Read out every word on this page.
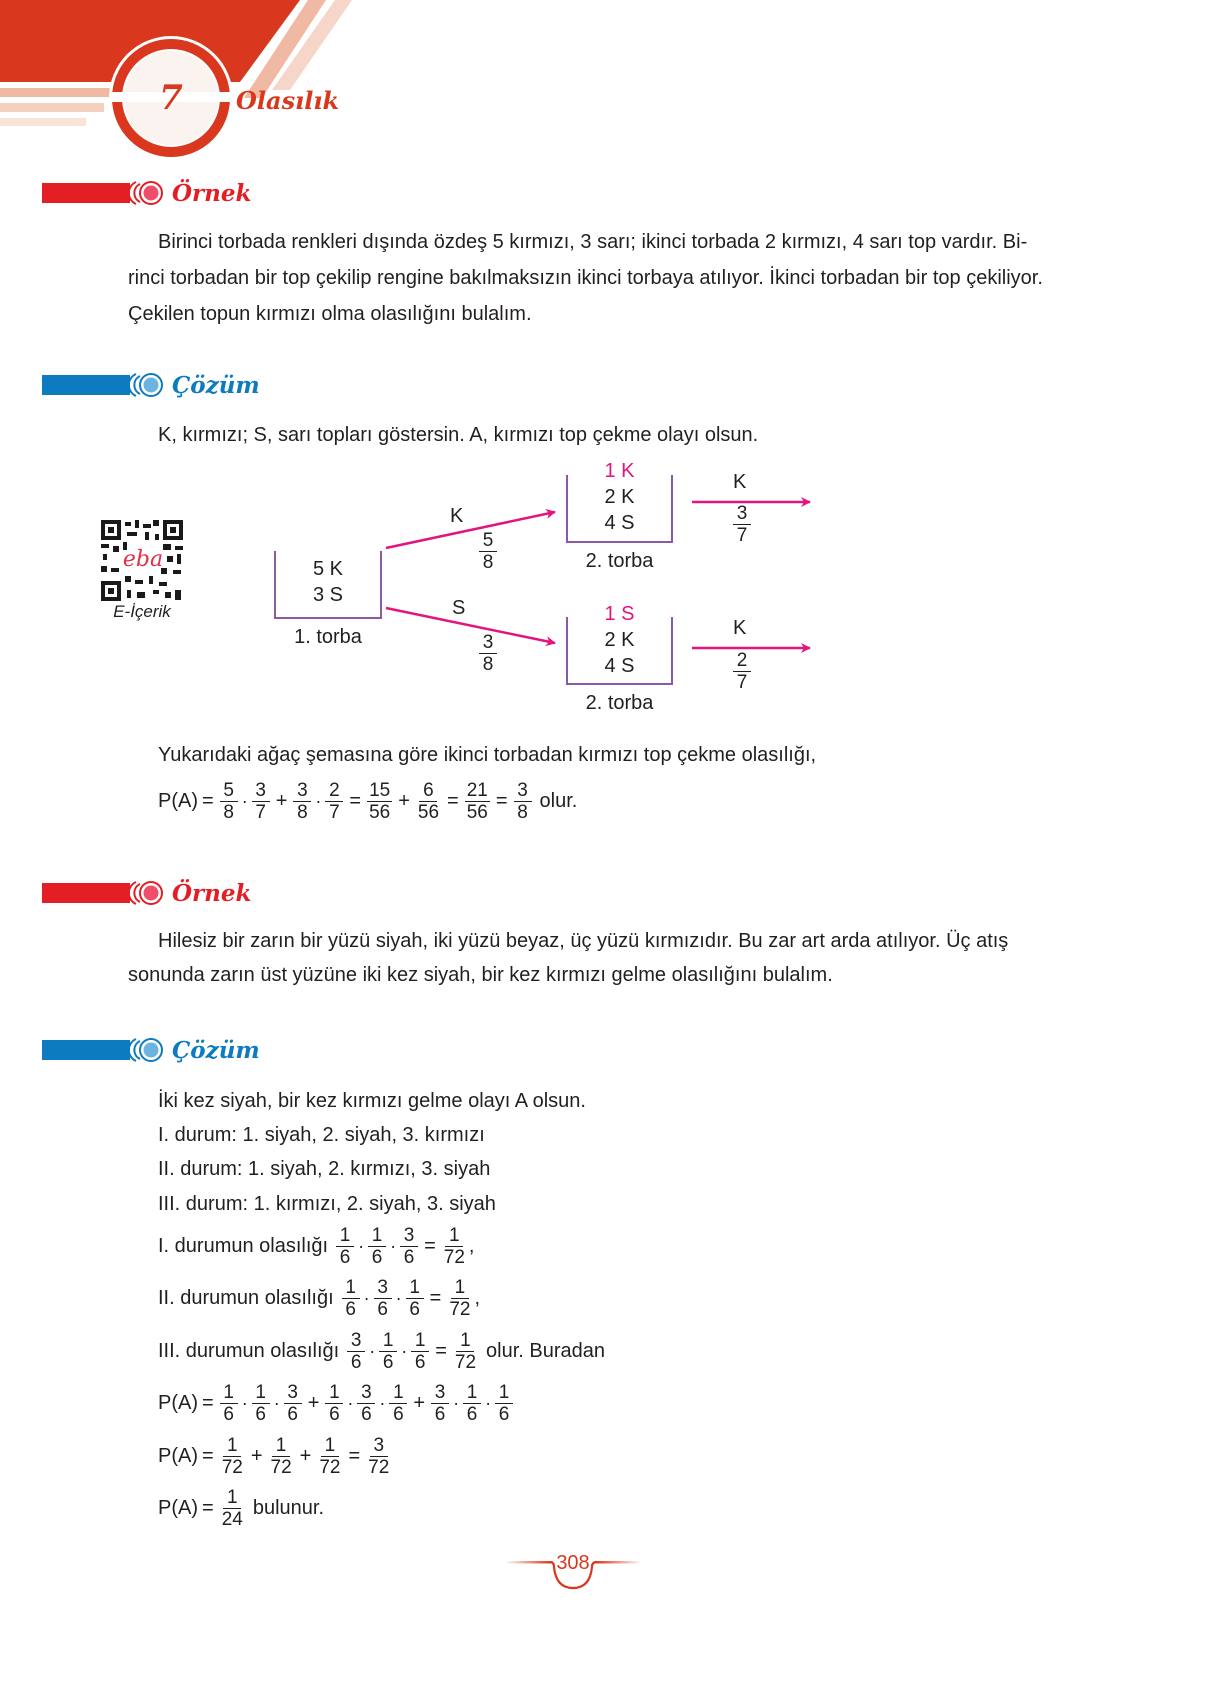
7	Olasılık
Örnek
Birinci torbada renkleri dışında özdeş 5 kırmızı, 3 sarı; ikinci torbada 2 kırmızı, 4 sarı top vardır. Bi-
rinci torbadan bir top çekilip rengine bakılmaksızın ikinci torbaya atılıyor. İkinci torbadan bir top çekiliyor.
Çekilen topun kırmızı olma olasılığını bulalım.
Çözüm
K, kırmızı; S, sarı topları göstersin. A, kırmızı top çekme olayı olsun.
eba
E-İçerik
5 K
3 S
1. torba
K
$\frac{5}{8}$
S
$\frac{3}{8}$
1 K
2 K
4 S
2. torba
K
$\frac{3}{7}$
1 S
2 K
4 S
2. torba
K
$\frac{2}{7}$
Yukarıdaki ağaç şemasına göre ikinci torbadan kırmızı top çekme olasılığı,
$P(A) = \frac{5}{8} \cdot \frac{3}{7} + \frac{3}{8} \cdot \frac{2}{7} = \frac{15}{56} + \frac{6}{56} = \frac{21}{56} = \frac{3}{8}$ olur.
Örnek
Hilesiz bir zarın bir yüzü siyah, iki yüzü beyaz, üç yüzü kırmızıdır. Bu zar art arda atılıyor. Üç atış
sonunda zarın üst yüzüne iki kez siyah, bir kez kırmızı gelme olasılığını bulalım.
Çözüm
İki kez siyah, bir kez kırmızı gelme olayı A olsun.
I. durum: 1. siyah, 2. siyah, 3. kırmızı
II. durum: 1. siyah, 2. kırmızı, 3. siyah
III. durum: 1. kırmızı, 2. siyah, 3. siyah
I. durumun olasılığı $\frac{1}{6} \cdot \frac{1}{6} \cdot \frac{3}{6} = \frac{1}{72}$ ,
II. durumun olasılığı $\frac{1}{6} \cdot \frac{3}{6} \cdot \frac{1}{6} = \frac{1}{72}$ ,
III. durumun olasılığı $\frac{3}{6} \cdot \frac{1}{6} \cdot \frac{1}{6} = \frac{1}{72}$ olur. Buradan
$P(A) = \frac{1}{6} \cdot \frac{1}{6} \cdot \frac{3}{6} + \frac{1}{6} \cdot \frac{3}{6} \cdot \frac{1}{6} + \frac{3}{6} \cdot \frac{1}{6} \cdot \frac{1}{6}$
$P(A) = \frac{1}{72} + \frac{1}{72} + \frac{1}{72} = \frac{3}{72}$
$P(A) = \frac{1}{24}$ bulunur.
308
